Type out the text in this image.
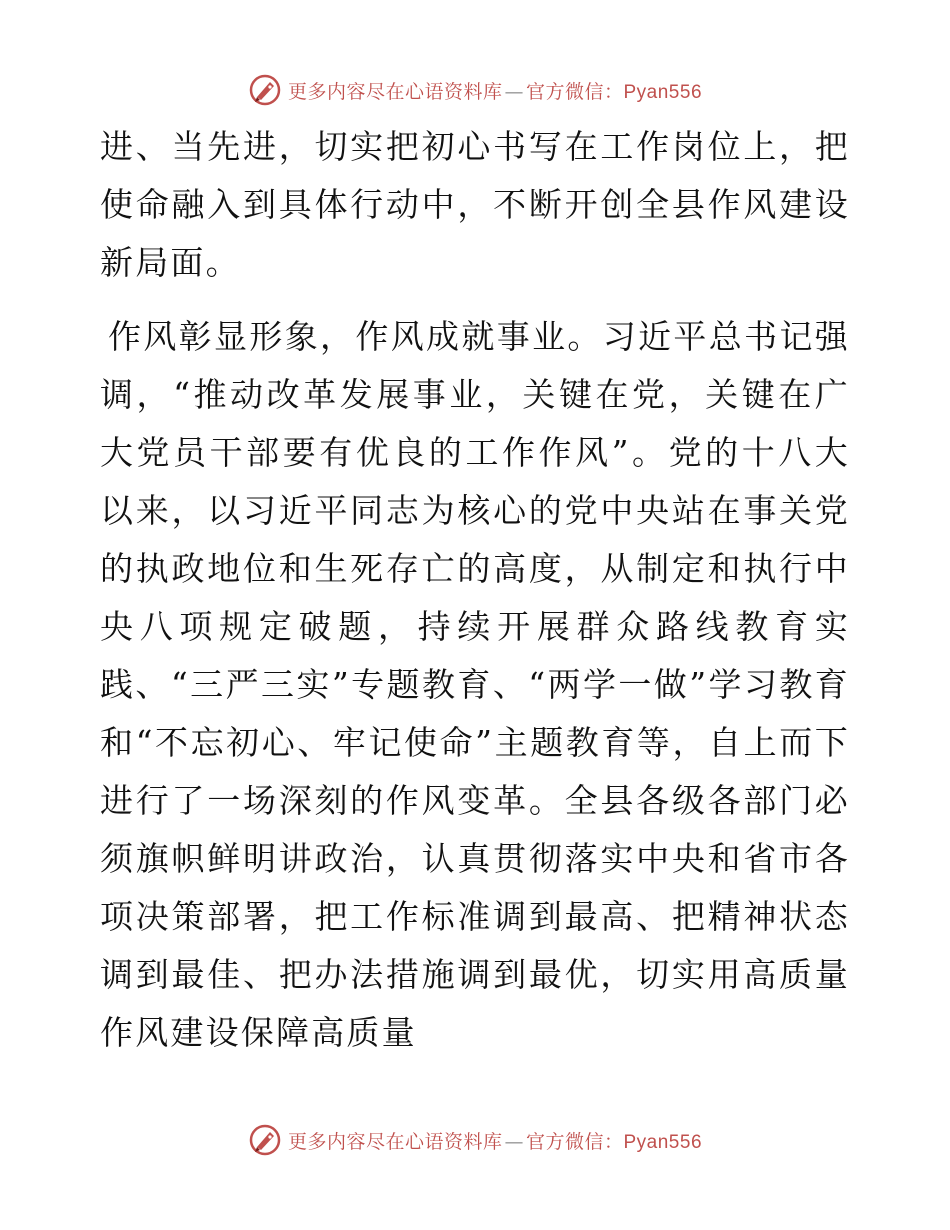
更多内容尽在心语资料库 — 官方微信：Pyan556

进、当先进，切实把初心书写在工作岗位上，把使命融入到具体行动中，不断开创全县作风建设新局面。

作风彰显形象，作风成就事业。习近平总书记强调，“推动改革发展事业，关键在党，关键在广大党员干部要有优良的工作作风”。党的十八大以来，以习近平同志为核心的党中央站在事关党的执政地位和生死存亡的高度，从制定和执行中央八项规定破题，持续开展群众路线教育实践、“三严三实”专题教育、“两学一做”学习教育和“不忘初心、牢记使命”主题教育等，自上而下进行了一场深刻的作风变革。全县各级各部门必须旗帜鲜明讲政治，认真贯彻落实中央和省市各项决策部署，把工作标准调到最高、把精神状态调到最佳、把办法措施调到最优，切实用高质量作风建设保障高质量

更多内容尽在心语资料库 — 官方微信：Pyan556
